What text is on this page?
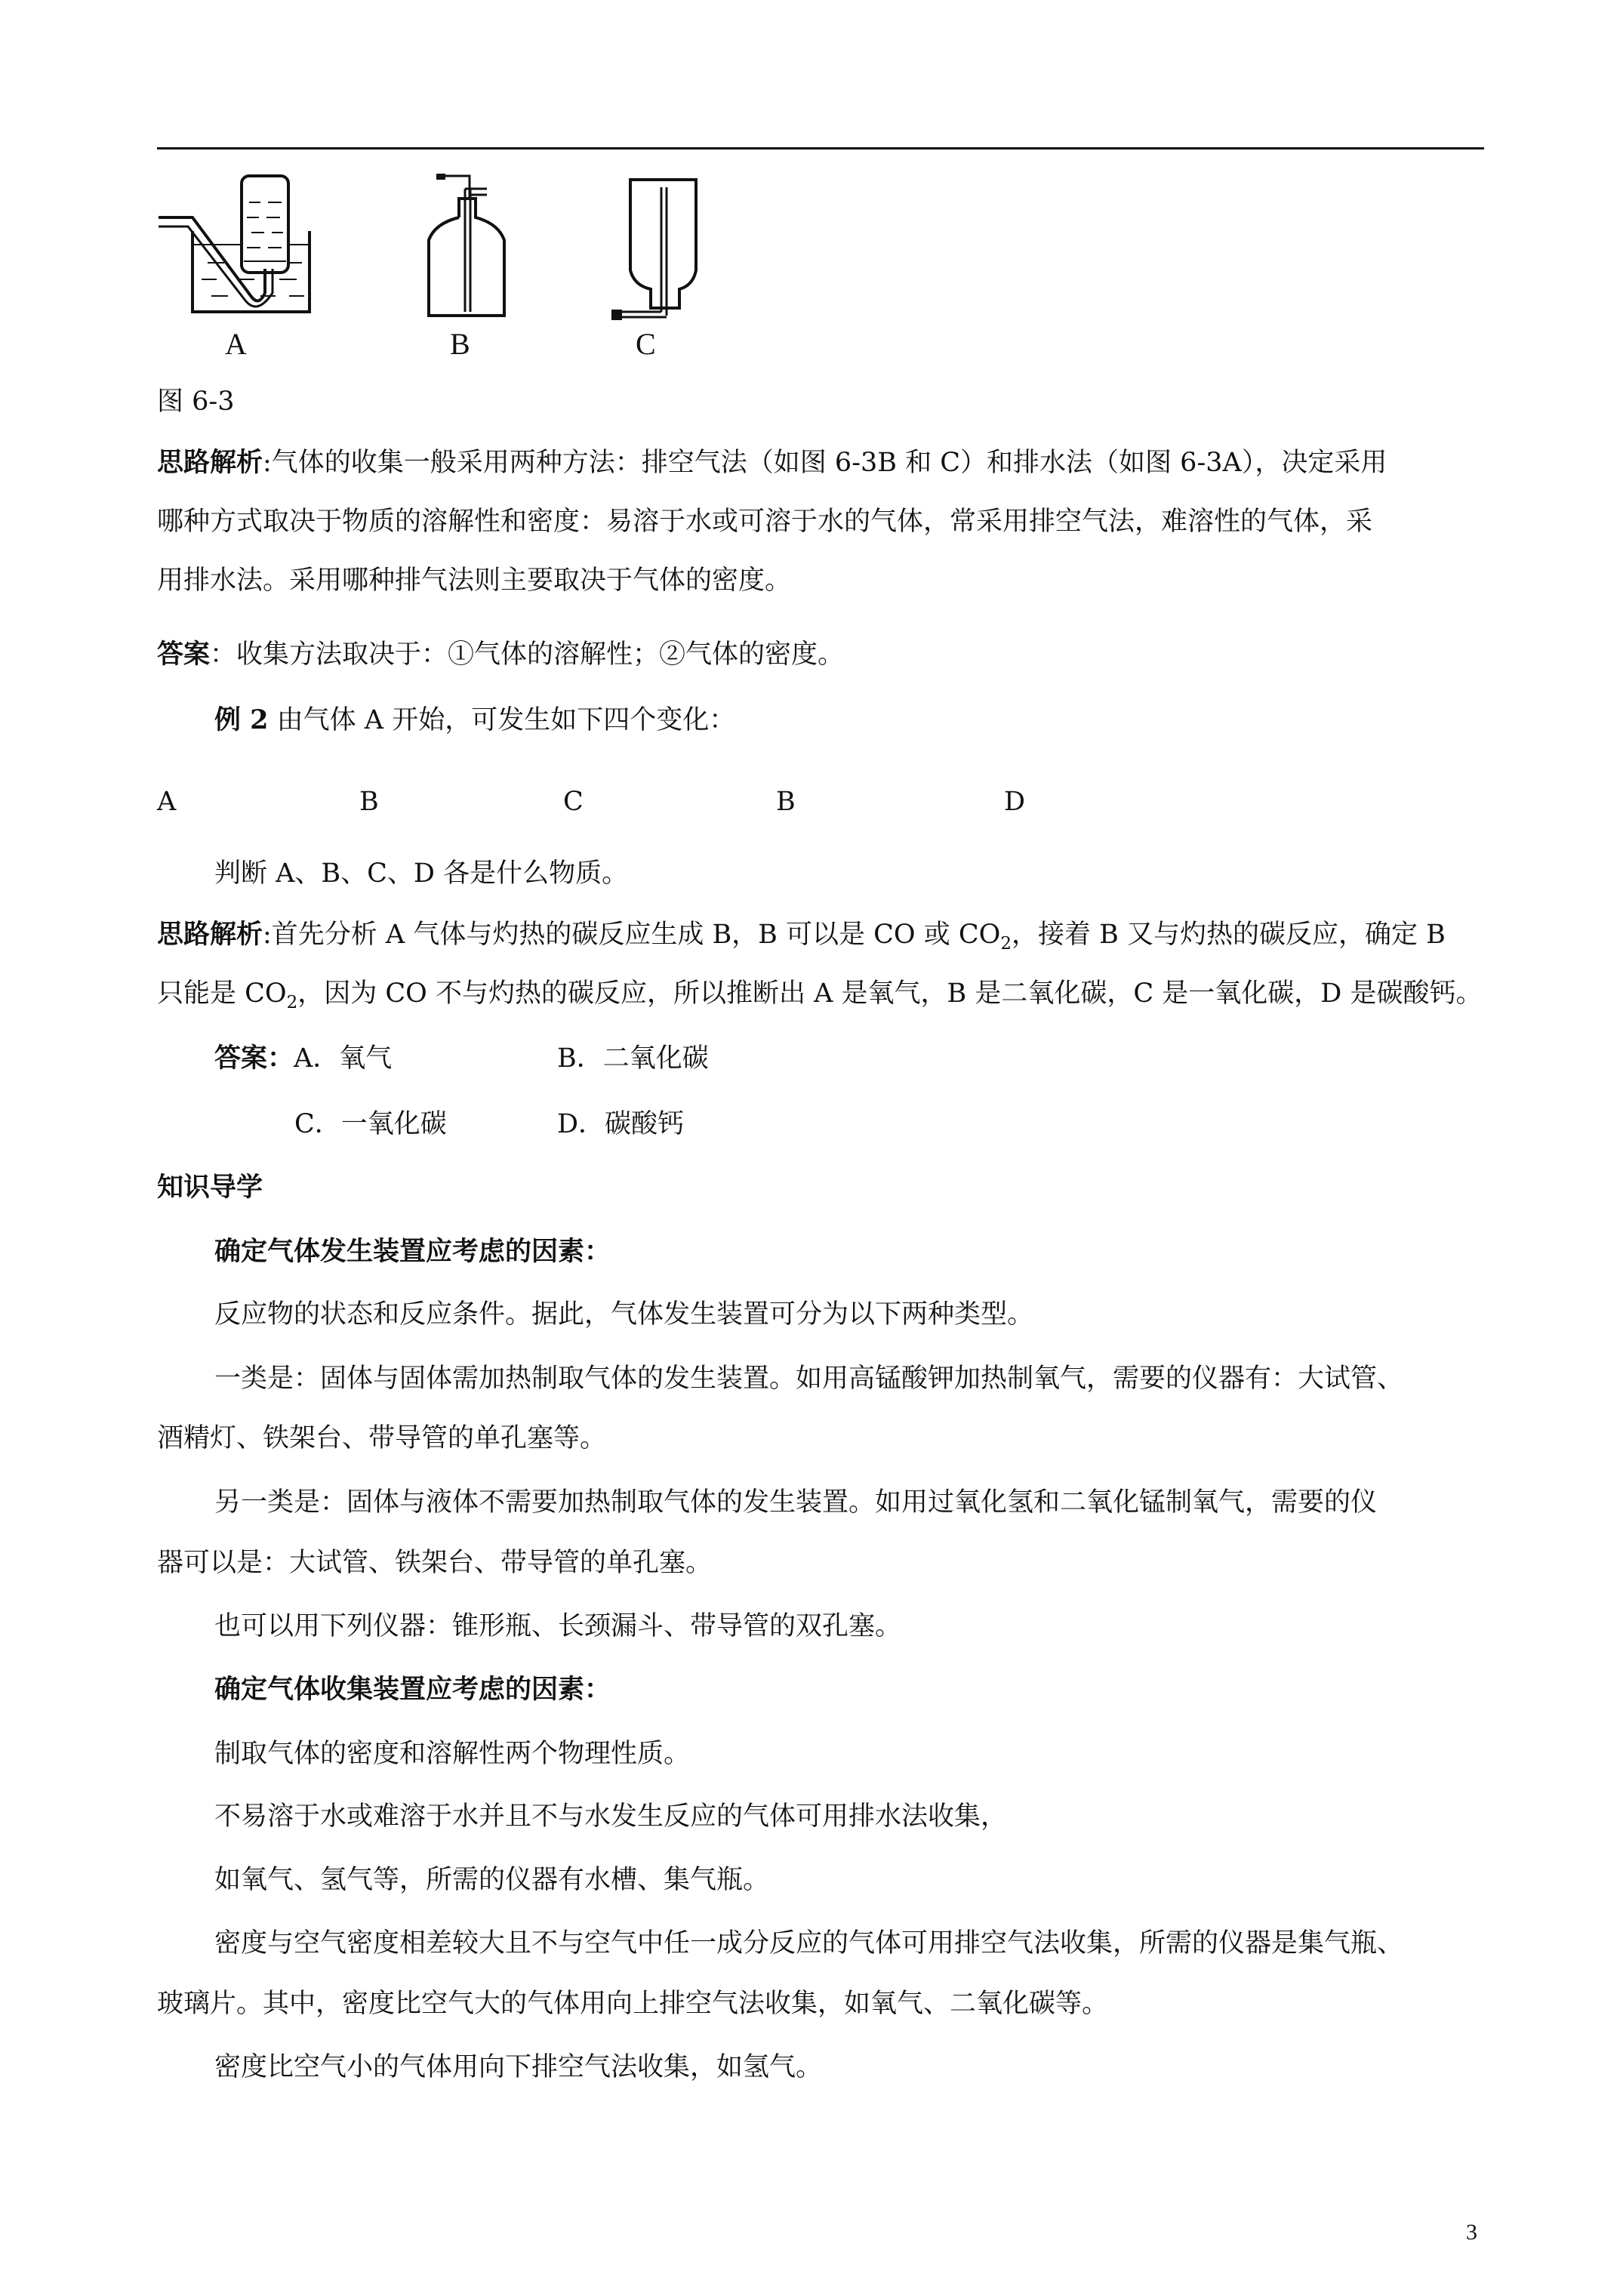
A	B	C
图 6-3
思路解析:气体的收集一般采用两种方法：排空气法（如图 6-3B 和 C）和排水法（如图 6-3A），决定采用
哪种方式取决于物质的溶解性和密度：易溶于水或可溶于水的气体，常采用排空气法，难溶性的气体，采
用排水法。采用哪种排气法则主要取决于气体的密度。
答案：收集方法取决于：①气体的溶解性；②气体的密度。
例 2 由气体 A 开始，可发生如下四个变化：
A	B	C	B	D
判断 A、B、C、D 各是什么物质。
思路解析:首先分析 A 气体与灼热的碳反应生成 B，B 可以是 CO 或 $CO_2$，接着 B 又与灼热的碳反应，确定 B
只能是 $CO_2$，因为 CO 不与灼热的碳反应，所以推断出 A 是氧气，B 是二氧化碳，C 是一氧化碳，D 是碳酸钙。
答案：A．氧气	B．二氧化碳
C．一氧化碳	D．碳酸钙
知识导学
确定气体发生装置应考虑的因素：
反应物的状态和反应条件。据此，气体发生装置可分为以下两种类型。
一类是：固体与固体需加热制取气体的发生装置。如用高锰酸钾加热制氧气，需要的仪器有：大试管、
酒精灯、铁架台、带导管的单孔塞等。
另一类是：固体与液体不需要加热制取气体的发生装置。如用过氧化氢和二氧化锰制氧气，需要的仪
器可以是：大试管、铁架台、带导管的单孔塞。
也可以用下列仪器：锥形瓶、长颈漏斗、带导管的双孔塞。
确定气体收集装置应考虑的因素：
制取气体的密度和溶解性两个物理性质。
不易溶于水或难溶于水并且不与水发生反应的气体可用排水法收集，
如氧气、氢气等，所需的仪器有水槽、集气瓶。
密度与空气密度相差较大且不与空气中任一成分反应的气体可用排空气法收集，所需的仪器是集气瓶、
玻璃片。其中，密度比空气大的气体用向上排空气法收集，如氧气、二氧化碳等。
密度比空气小的气体用向下排空气法收集，如氢气。
3
